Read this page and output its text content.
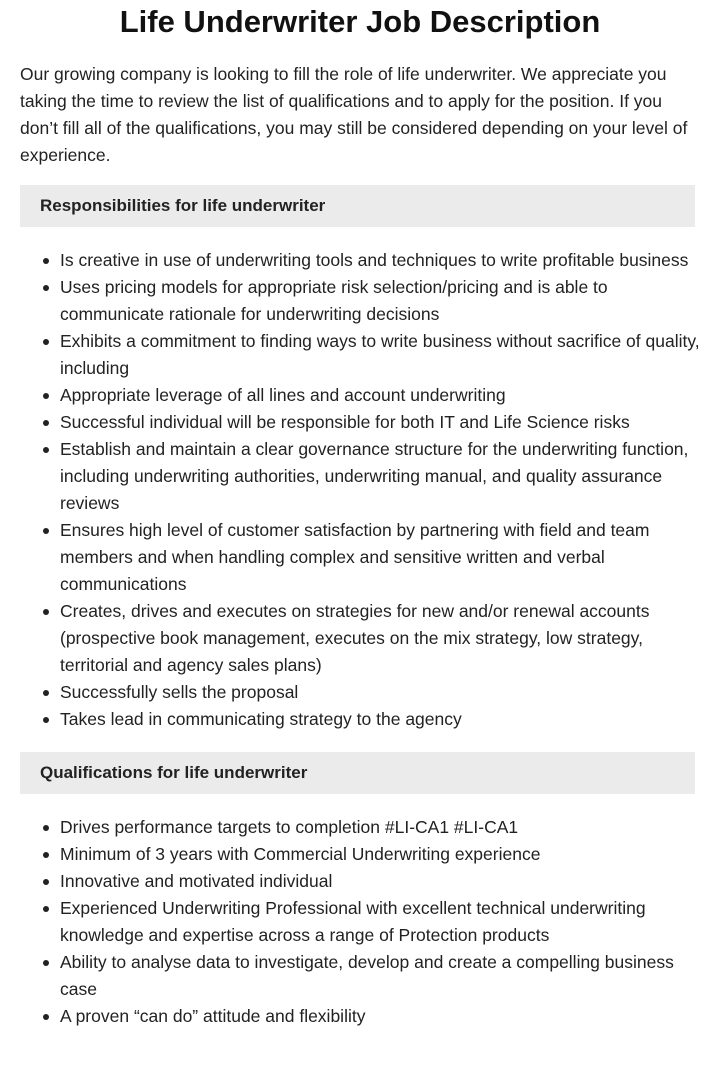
Life Underwriter Job Description

Our growing company is looking to fill the role of life underwriter. We appreciate you taking the time to review the list of qualifications and to apply for the position. If you don’t fill all of the qualifications, you may still be considered depending on your level of experience.

Responsibilities for life underwriter
Is creative in use of underwriting tools and techniques to write profitable business
Uses pricing models for appropriate risk selection/pricing and is able to communicate rationale for underwriting decisions
Exhibits a commitment to finding ways to write business without sacrifice of quality, including
Appropriate leverage of all lines and account underwriting
Successful individual will be responsible for both IT and Life Science risks
Establish and maintain a clear governance structure for the underwriting function, including underwriting authorities, underwriting manual, and quality assurance reviews
Ensures high level of customer satisfaction by partnering with field and team members and when handling complex and sensitive written and verbal communications
Creates, drives and executes on strategies for new and/or renewal accounts (prospective book management, executes on the mix strategy, low strategy, territorial and agency sales plans)
Successfully sells the proposal
Takes lead in communicating strategy to the agency
Qualifications for life underwriter
Drives performance targets to completion #LI-CA1 #LI-CA1
Minimum of 3 years with Commercial Underwriting experience
Innovative and motivated individual
Experienced Underwriting Professional with excellent technical underwriting knowledge and expertise across a range of Protection products
Ability to analyse data to investigate, develop and create a compelling business case
A proven “can do” attitude and flexibility
